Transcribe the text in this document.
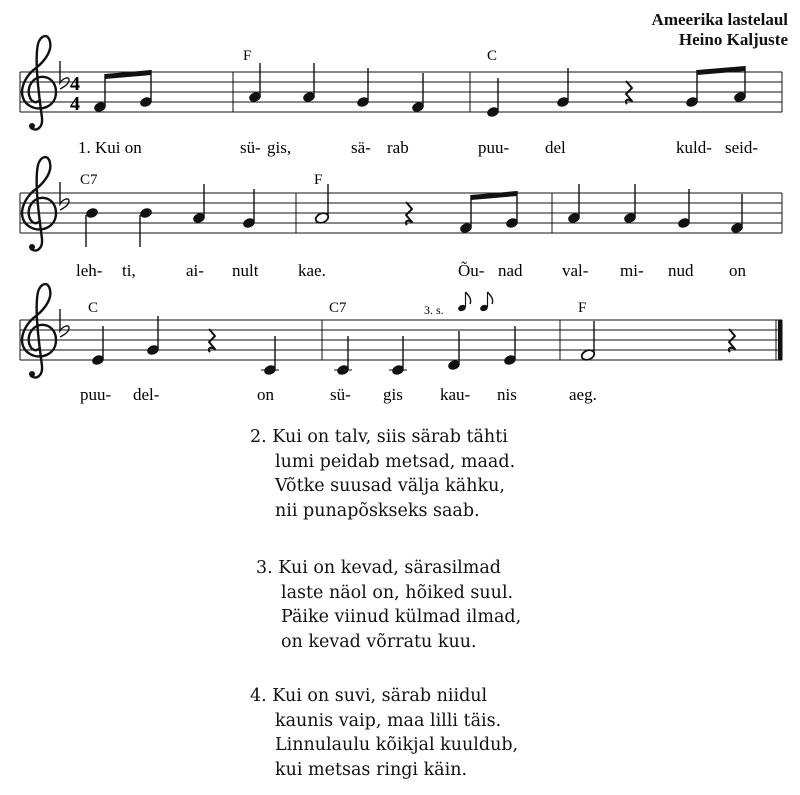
Ameerika lastelaul
Heino Kaljuste
4
4
F	C
1. Kui on	sü- gis,	sä- rab	puu- del	kuld- seid-
C7	F
leh- ti,	ai- nult kae.	Õu- nad val- mi- nud on
3. s.
C	C7	F
puu- del-	on	sü- gis kau- nis	aeg.
2. Kui on talv, siis särab tähti
lumi peidab metsad, maad.
Võtke suusad välja kähku,
nii punapõskseks saab.
3. Kui on kevad, särasilmad
laste näol on, hõiked suul.
Päike viinud külmad ilmad,
on kevad võrratu kuu.
4. Kui on suvi, särab niidul
kaunis vaip, maa lilli täis.
Linnulaulu kõikjal kuuldub,
kui metsas ringi käin.
